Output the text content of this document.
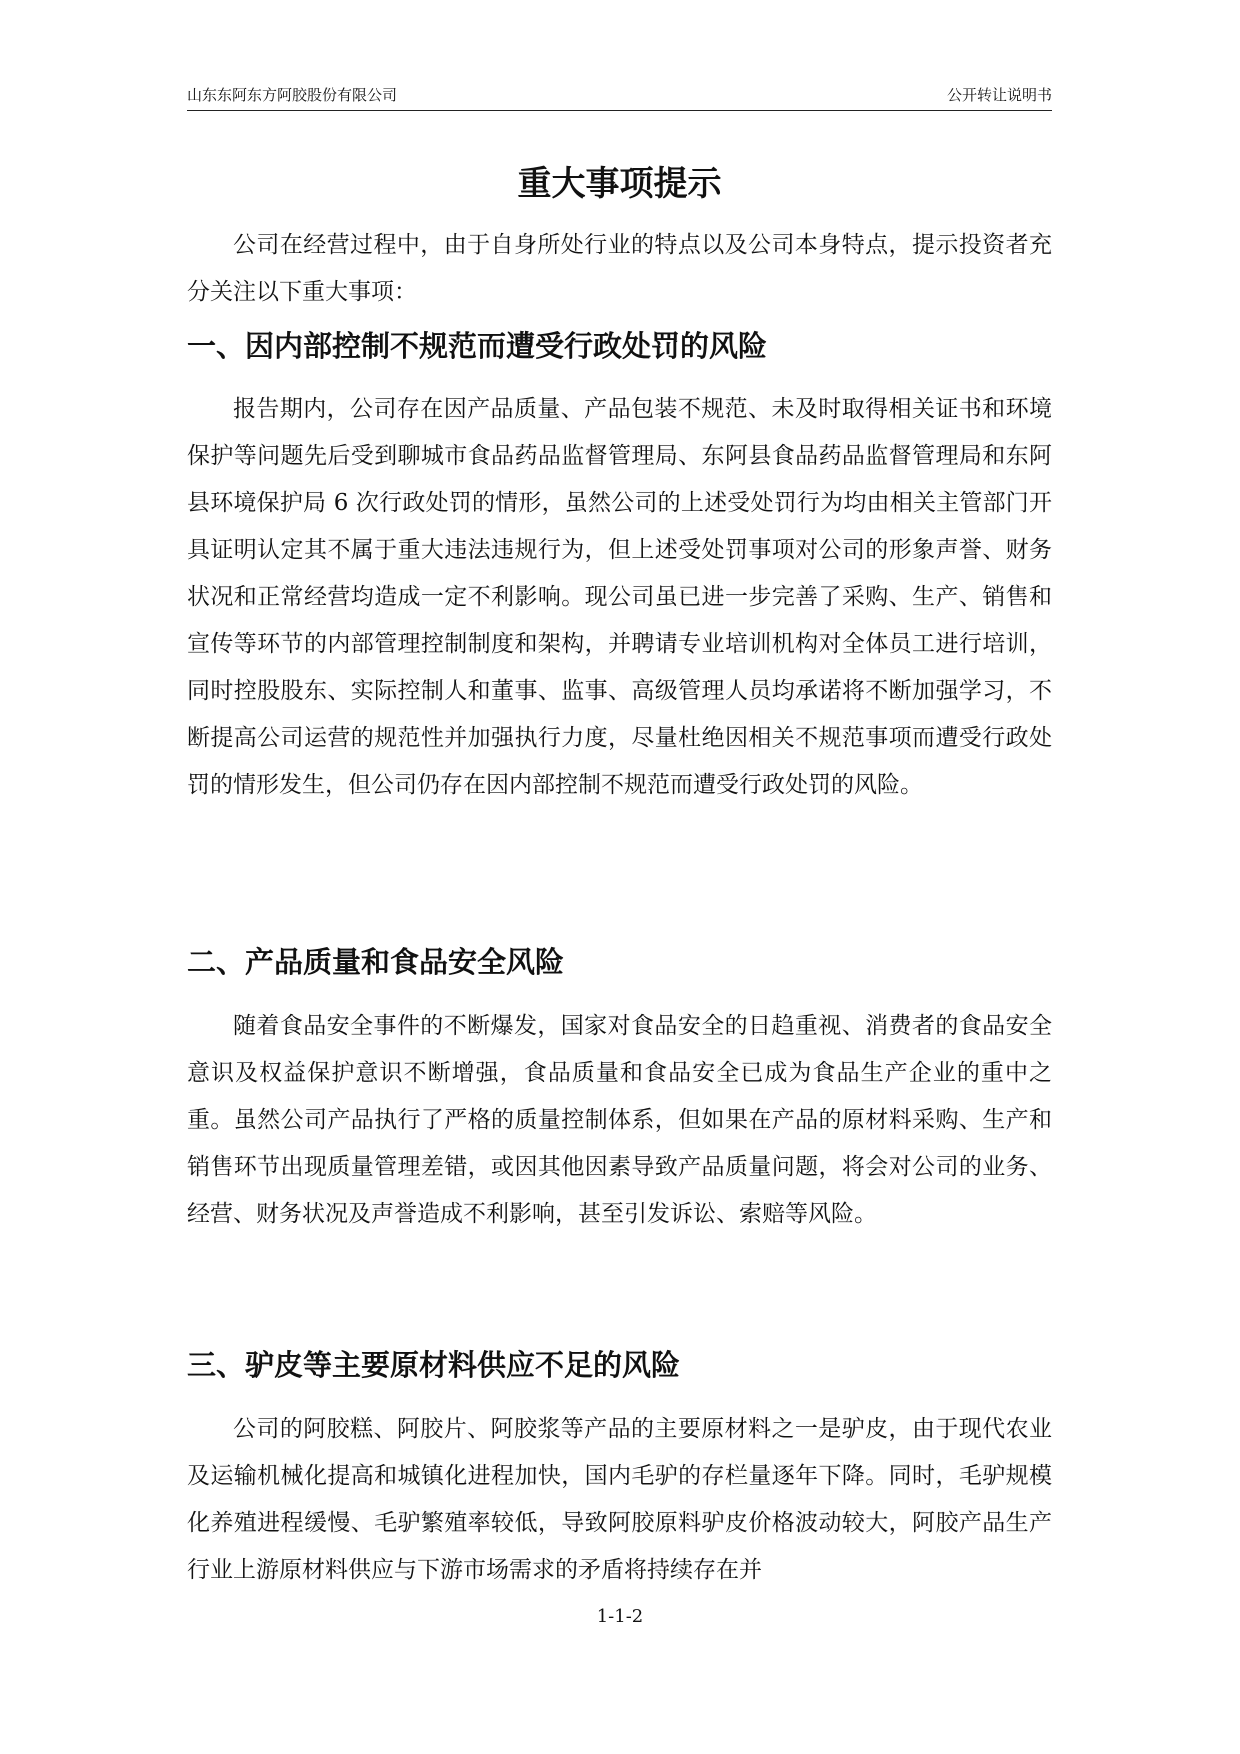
山东东阿东方阿胶股份有限公司	公开转让说明书
重大事项提示

公司在经营过程中，由于自身所处行业的特点以及公司本身特点，提示投资者充分关注以下重大事项：

一、因内部控制不规范而遭受行政处罚的风险

报告期内，公司存在因产品质量、产品包装不规范、未及时取得相关证书和环境保护等问题先后受到聊城市食品药品监督管理局、东阿县食品药品监督管理局和东阿县环境保护局 6 次行政处罚的情形，虽然公司的上述受处罚行为均由相关主管部门开具证明认定其不属于重大违法违规行为，但上述受处罚事项对公司的形象声誉、财务状况和正常经营均造成一定不利影响。现公司虽已进一步完善了采购、生产、销售和宣传等环节的内部管理控制制度和架构，并聘请专业培训机构对全体员工进行培训，同时控股股东、实际控制人和董事、监事、高级管理人员均承诺将不断加强学习，不断提高公司运营的规范性并加强执行力度，尽量杜绝因相关不规范事项而遭受行政处罚的情形发生，但公司仍存在因内部控制不规范而遭受行政处罚的风险。

二、产品质量和食品安全风险

随着食品安全事件的不断爆发，国家对食品安全的日趋重视、消费者的食品安全意识及权益保护意识不断增强，食品质量和食品安全已成为食品生产企业的重中之重。虽然公司产品执行了严格的质量控制体系，但如果在产品的原材料采购、生产和销售环节出现质量管理差错，或因其他因素导致产品质量问题，将会对公司的业务、经营、财务状况及声誉造成不利影响，甚至引发诉讼、索赔等风险。

三、驴皮等主要原材料供应不足的风险

公司的阿胶糕、阿胶片、阿胶浆等产品的主要原材料之一是驴皮，由于现代农业及运输机械化提高和城镇化进程加快，国内毛驴的存栏量逐年下降。同时，毛驴规模化养殖进程缓慢、毛驴繁殖率较低，导致阿胶原料驴皮价格波动较大，阿胶产品生产行业上游原材料供应与下游市场需求的矛盾将持续存在并

1-1-2
